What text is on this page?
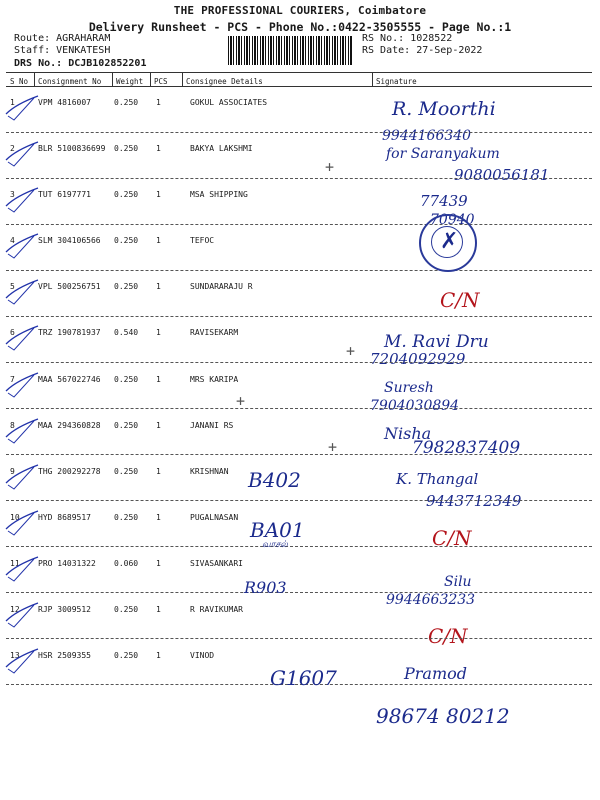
THE PROFESSIONAL COURIERS, Coimbatore
Delivery Runsheet - PCS - Phone No.:0422-3505555 - Page No.:1
Route: AGRAHARAM
Staff: VENKATESH
DRS No.: DCJB102852201
RS No.: 1028522
RS Date: 27-Sep-2022
S No Consignment No Weight PCS Consignee Details	Signature
1	VPM 4816007	0.250 1	GOKUL ASSOCIATES	R. Moorthi
9944166340
2	BLR 5100836699 0.250 1	BAKYA LAKSHMI	for Saranyakum
9080056181
3	TUT 6197771	0.250 1	MSA SHIPPING	77439
70940
4	SLM 304106566 0.250 1	TEFOC
5	VPL 500256751 0.250 1	SUNDARARAJU R
C/N
6	TRZ 190781937 0.540 1	RAVISEKARM	M. Ravi Dru
7204092929
7	MAA 567022746 0.250 1	MRS KARIPA
Suresh
7904030894
8	MAA 294360828 0.250 1	JANANI RS	Nisha
7982837409
9	THG 200292278 0.250 1	KRISHNAN	K. Thangal
9443712349
10 HYD 8689517	0.250 1	PUGALNASAN
C/N
11 PRO 14031322 0.060 1	SIVASANKARI
Silu
9944663233
12 RJP 3009512	0.250 1	R RAVIKUMAR
C/N
13 HSR 2509355	0.250 1	VINOD
Pramod
98674 80212
✗
B402
BA01
வாசல்
R903
G1607
+
+
+
+
